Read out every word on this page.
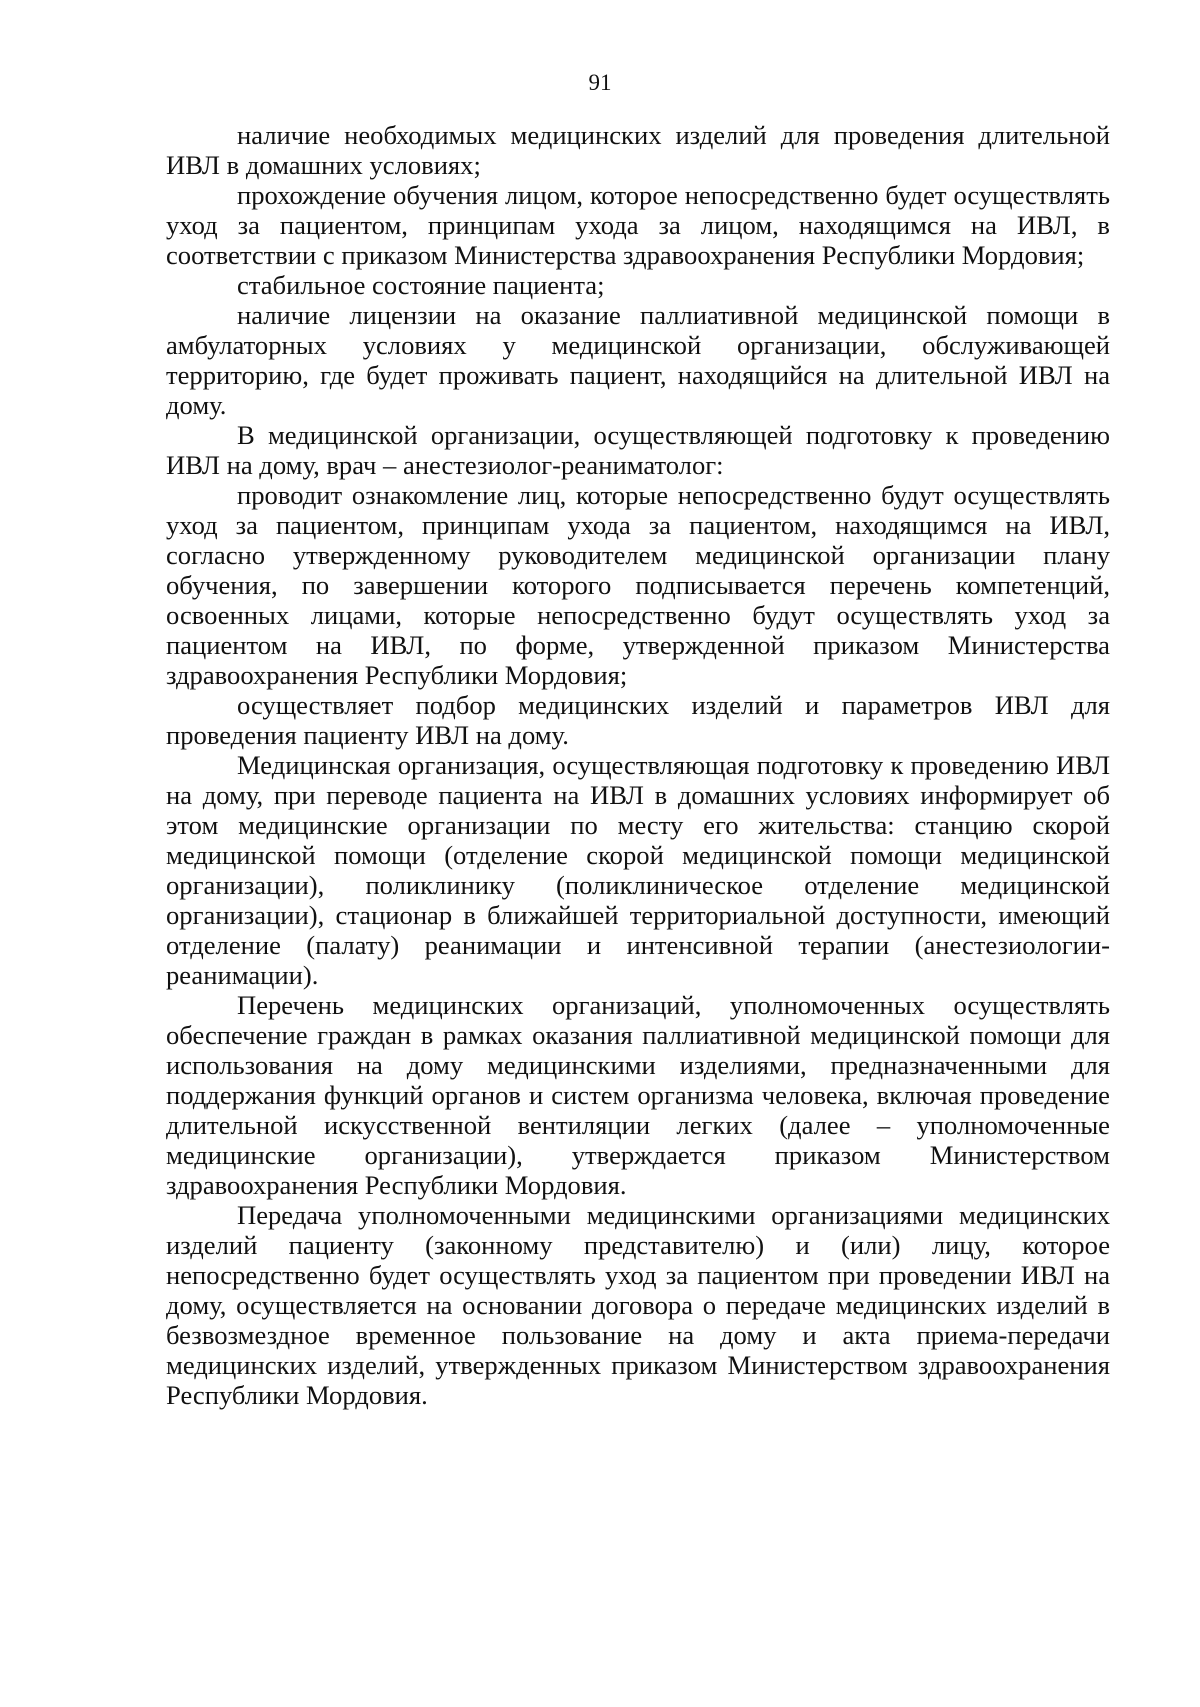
91

наличие необходимых медицинских изделий для проведения длительной ИВЛ в домашних условиях;

прохождение обучения лицом, которое непосредственно будет осуществлять уход за пациентом, принципам ухода за лицом, находящимся на ИВЛ, в соответствии с приказом Министерства здравоохранения Республики Мордовия;

стабильное состояние пациента;

наличие лицензии на оказание паллиативной медицинской помощи в амбулаторных условиях у медицинской организации, обслуживающей территорию, где будет проживать пациент, находящийся на длительной ИВЛ на дому.

В медицинской организации, осуществляющей подготовку к проведению ИВЛ на дому, врач – анестезиолог-реаниматолог:

проводит ознакомление лиц, которые непосредственно будут осуществлять уход за пациентом, принципам ухода за пациентом, находящимся на ИВЛ, согласно утвержденному руководителем медицинской организации плану обучения, по завершении которого подписывается перечень компетенций, освоенных лицами, которые непосредственно будут осуществлять уход за пациентом на ИВЛ, по форме, утвержденной приказом Министерства здравоохранения Республики Мордовия;

осуществляет подбор медицинских изделий и параметров ИВЛ для проведения пациенту ИВЛ на дому.

Медицинская организация, осуществляющая подготовку к проведению ИВЛ на дому, при переводе пациента на ИВЛ в домашних условиях информирует об этом медицинские организации по месту его жительства: станцию скорой медицинской помощи (отделение скорой медицинской помощи медицинской организации), поликлинику (поликлиническое отделение медицинской организации), стационар в ближайшей территориальной доступности, имеющий отделение (палату) реанимации и интенсивной терапии (анестезиологии-реанимации).

Перечень медицинских организаций, уполномоченных осуществлять обеспечение граждан в рамках оказания паллиативной медицинской помощи для использования на дому медицинскими изделиями, предназначенными для поддержания функций органов и систем организма человека, включая проведение длительной искусственной вентиляции легких (далее – уполномоченные медицинские организации), утверждается приказом Министерством здравоохранения Республики Мордовия.

Передача уполномоченными медицинскими организациями медицинских изделий пациенту (законному представителю) и (или) лицу, которое непосредственно будет осуществлять уход за пациентом при проведении ИВЛ на дому, осуществляется на основании договора о передаче медицинских изделий в безвозмездное временное пользование на дому и акта приема-передачи медицинских изделий, утвержденных приказом Министерством здравоохранения Республики Мордовия.
